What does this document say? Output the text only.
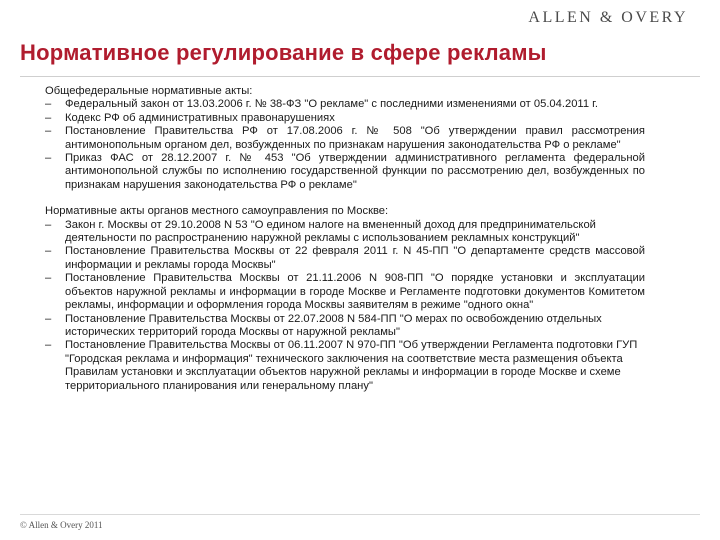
ALLEN & OVERY
Нормативное регулирование в сфере рекламы

Общефедеральные нормативные акты:

– Федеральный закон от 13.03.2006 г. № 38-ФЗ "О рекламе" с последними изменениями от 05.04.2011 г.
– Кодекс РФ об административных правонарушениях
– Постановление Правительства РФ от 17.08.2006 г. № 508 "Об утверждении правил рассмотрения антимонопольным органом дел, возбужденных по признакам нарушения законодательства РФ о рекламе"
– Приказ ФАС от 28.12.2007 г. № 453 "Об утверждении административного регламента федеральной антимонопольной службы по исполнению государственной функции по рассмотрению дел, возбужденных по признакам нарушения законодательства РФ о рекламе"

Нормативные акты органов местного самоуправления по Москве:

– Закон г. Москвы от 29.10.2008 N 53 "О едином налоге на вмененный доход для предпринимательской деятельности по распространению наружной рекламы с использованием рекламных конструкций"
– Постановление Правительства Москвы от 22 февраля 2011 г. N 45-ПП "О департаменте средств массовой информации и рекламы города Москвы"
– Постановление Правительства Москвы от 21.11.2006 N 908-ПП "О порядке установки и эксплуатации объектов наружной рекламы и информации в городе Москве и Регламенте подготовки документов Комитетом рекламы, информации и оформления города Москвы заявителям в режиме "одного окна"
– Постановление Правительства Москвы от 22.07.2008 N 584-ПП "О мерах по освобождению отдельных исторических территорий города Москвы от наружной рекламы"
– Постановление Правительства Москвы от 06.11.2007 N 970-ПП "Об утверждении Регламента подготовки ГУП "Городская реклама и информация" технического заключения на соответствие места размещения объекта Правилам установки и эксплуатации объектов наружной рекламы и информации в городе Москве и схеме территориального планирования или генеральному плану"
© Allen & Overy 2011
